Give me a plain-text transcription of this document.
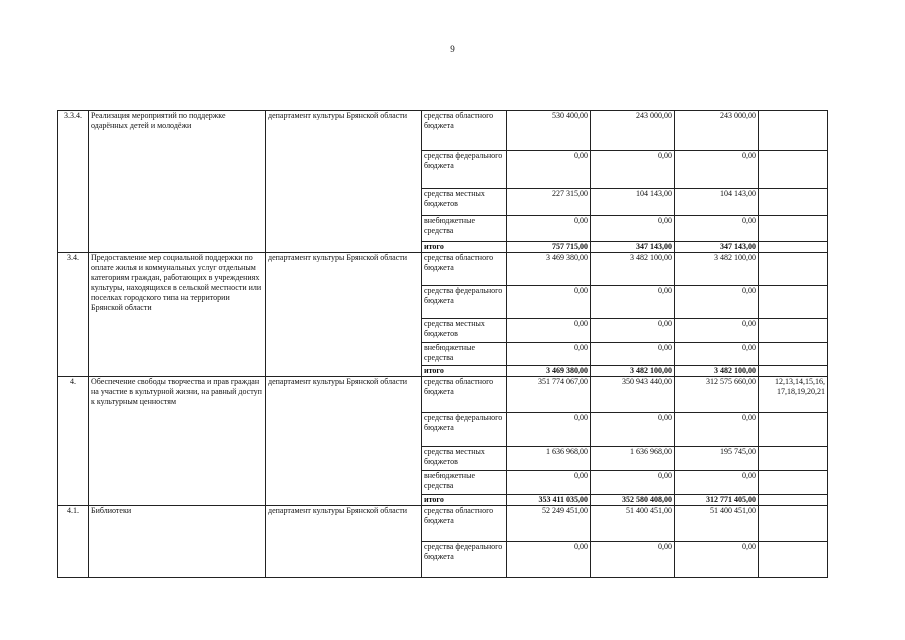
9
3.3.4.	Реализация мероприятий по поддержке одарённых детей и молодёжи	департамент культуры Брянской области	средства областного бюджета	530 400,00	243 000,00	243 000,00	
			средства федерального бюджета	0,00	0,00	0,00	
			средства местных бюджетов	227 315,00	104 143,00	104 143,00	
			внебюджетные средства	0,00	0,00	0,00	
			итого	757 715,00	347 143,00	347 143,00	
3.4.	Предоставление мер социальной поддержки по оплате жилья и коммунальных услуг отдельным категориям граждан, работающих в учреждениях культуры, находящихся в сельской местности или поселках городского типа на территории Брянской области	департамент культуры Брянской области	средства областного бюджета	3 469 380,00	3 482 100,00	3 482 100,00	
			средства федерального бюджета	0,00	0,00	0,00	
			средства местных бюджетов	0,00	0,00	0,00	
			внебюджетные средства	0,00	0,00	0,00	
			итого	3 469 380,00	3 482 100,00	3 482 100,00	
4.	Обеспечение свободы творчества и прав граждан на участие в культурной жизни, на равный доступ к культурным ценностям	департамент культуры Брянской области	средства областного бюджета	351 774 067,00	350 943 440,00	312 575 660,00	12,13,14,15,16, 17,18,19,20,21
			средства федерального бюджета	0,00	0,00	0,00	
			средства местных бюджетов	1 636 968,00	1 636 968,00	195 745,00	
			внебюджетные средства	0,00	0,00	0,00	
			итого	353 411 035,00	352 580 408,00	312 771 405,00	
4.1.	Библиотеки	департамент культуры Брянской области	средства областного бюджета	52 249 451,00	51 400 451,00	51 400 451,00	
			средства федерального бюджета	0,00	0,00	0,00	
